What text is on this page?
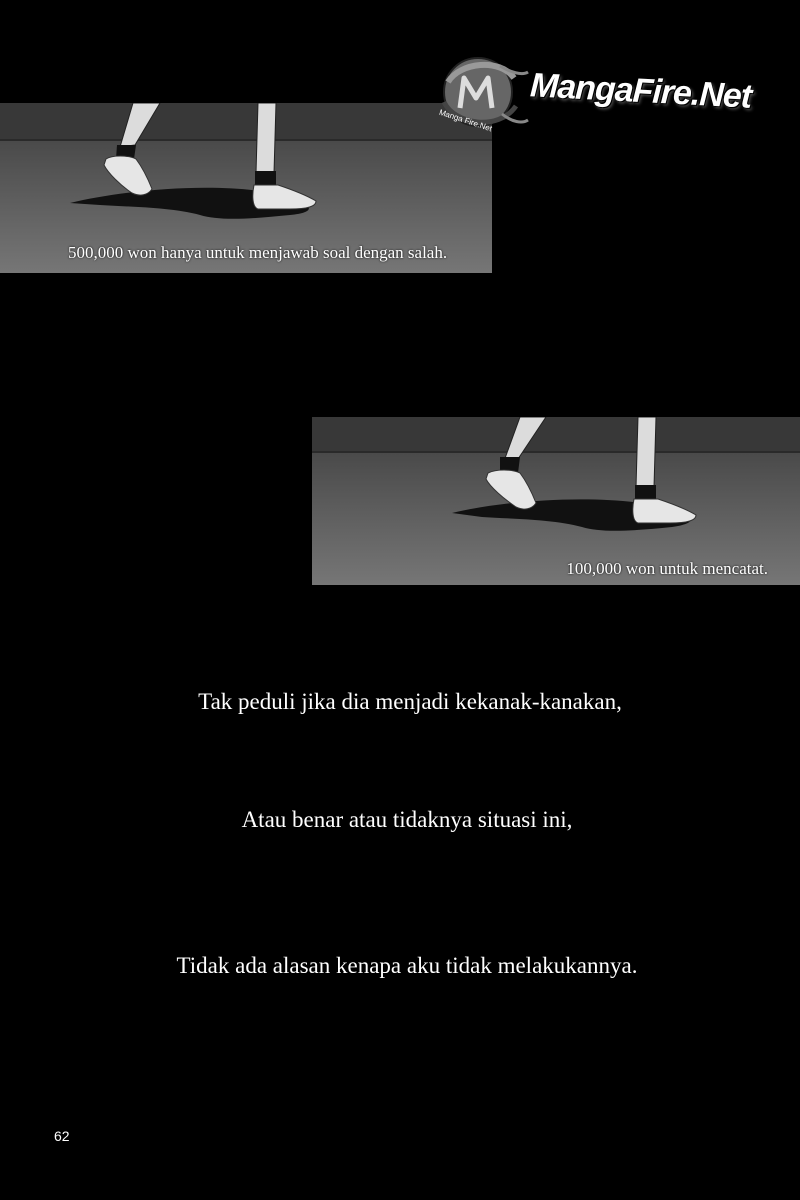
500,000 won hanya untuk menjawab soal dengan salah.
100,000 won untuk mencatat.
Manga Fire.Net
MangaFire.Net
Tak peduli jika dia menjadi kekanak-kanakan,
Atau benar atau tidaknya situasi ini,
Tidak ada alasan kenapa aku tidak melakukannya.
62
